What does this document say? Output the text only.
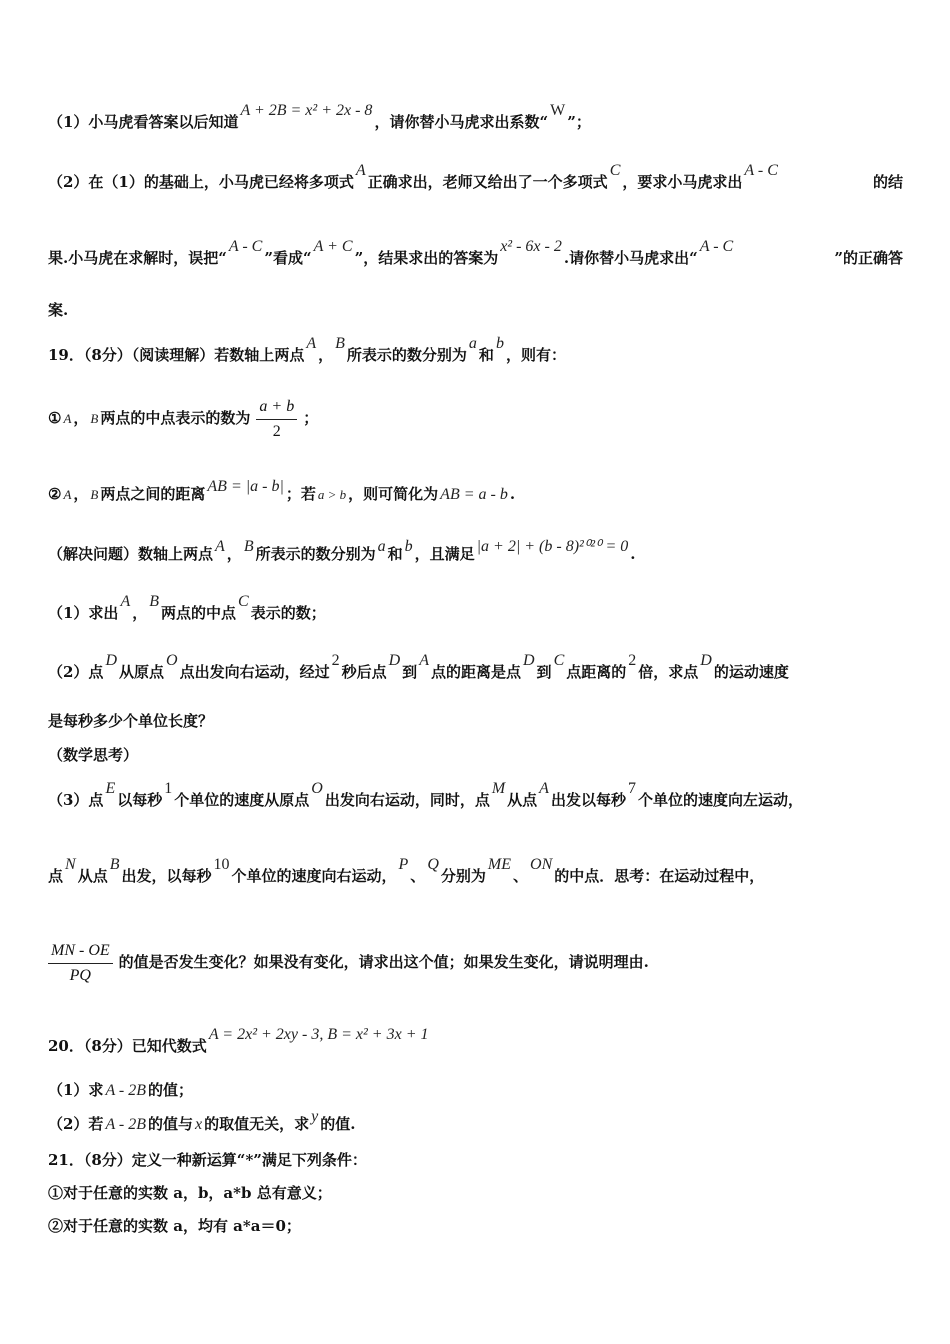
（1）小马虎看答案以后知道A + 2B = x² + 2x - 8，请你替小马虎求出系数“W”；
（2）在（1）的基础上，小马虎已经将多项式A正确求出，老师又给出了一个多项式C，要求小马虎求出A - C
的结
果.小马虎在求解时，误把“A - C”看成“A + C”，结果求出的答案为x² - 6x - 2.请你替小马虎求出“A - C
”的正确答
案.
19．（8分）（阅读理解）若数轴上两点A，B所表示的数分别为a和b，则有：
① A ， B 两点的中点表示的数为 $\frac{a + b}{2}$ ；
② A ， B 两点之间的距离 AB = |a - b| ；若 a > b ，则可简化为 AB = a - b .
（解决问题）数轴上两点 A ， B 所表示的数分别为 a 和 b ，且满足 |a + 2| + (b - 8)²⁰²⁰ = 0 .
（1）求出A，B两点的中点C表示的数；
（2）点D从原点O点出发向右运动，经过2秒后点D到A点的距离是点D到C点距离的2倍，求点D的运动速度
是每秒多少个单位长度？
（数学思考）
（3）点E以每秒1个单位的速度从原点O出发向右运动，同时，点M从点A出发以每秒7个单位的速度向左运动，
点N从点B出发，以每秒10个单位的速度向右运动，P、Q分别为ME、ON的中点．思考：在运动过程中，
$\frac{MN - OE}{PQ}$ 的值是否发生变化？如果没有变化，请求出这个值；如果发生变化，请说明理由.
20．（8分）已知代数式A = 2x² + 2xy - 3, B = x² + 3x + 1
（1）求 A - 2B 的值；
（2）若 A - 2B 的值与 x 的取值无关，求 y 的值.
21．（8分）定义一种新运算“*”满足下列条件：
①对于任意的实数 a，b，a*b 总有意义；
②对于任意的实数 a，均有 a*a＝0；
